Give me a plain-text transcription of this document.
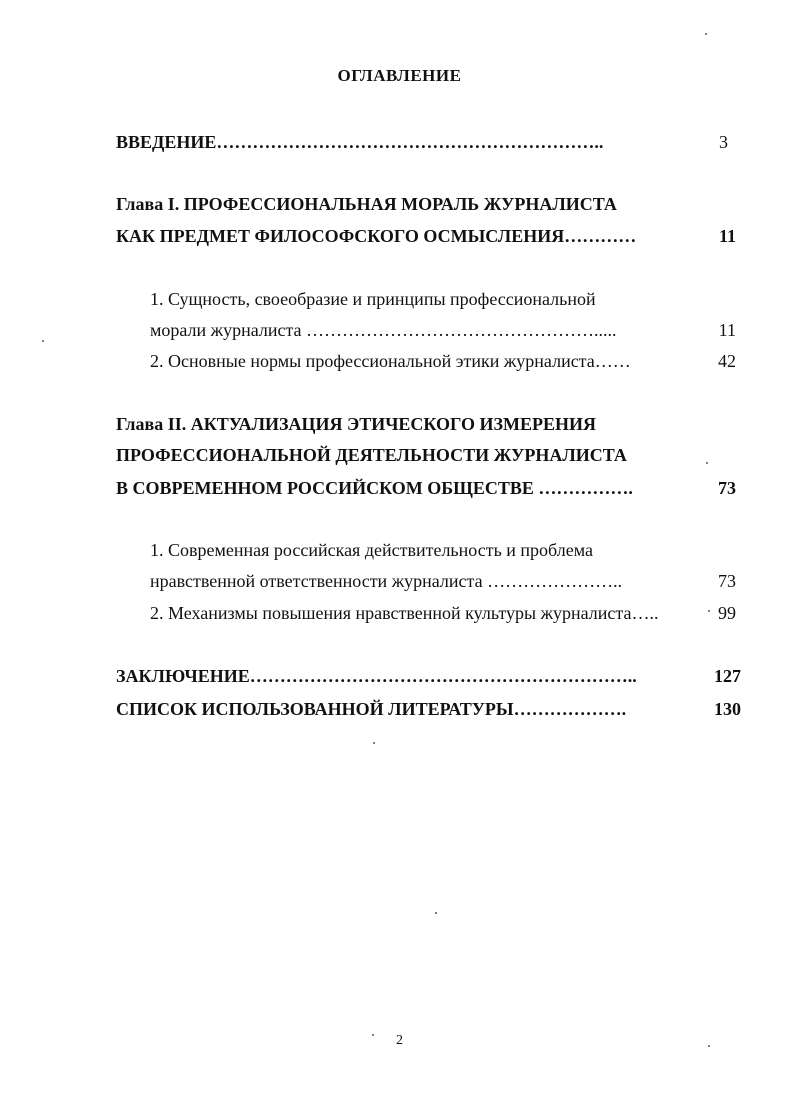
ОГЛАВЛЕНИЕ
ВВЕДЕНИЕ………………………………………………………..	3
Глава I. ПРОФЕССИОНАЛЬНАЯ МОРАЛЬ ЖУРНАЛИСТА
КАК ПРЕДМЕТ ФИЛОСОФСКОГО ОСМЫСЛЕНИЯ…………	11
1. Сущность, своеобразие и принципы профессиональной
морали журналиста ………………………………………….....	11
2. Основные нормы профессиональной этики журналиста……	42
Глава II. АКТУАЛИЗАЦИЯ ЭТИЧЕСКОГО ИЗМЕРЕНИЯ
ПРОФЕССИОНАЛЬНОЙ ДЕЯТЕЛЬНОСТИ ЖУРНАЛИСТА
В СОВРЕМЕННОМ РОССИЙСКОМ ОБЩЕСТВЕ …………….	73
1. Современная российская действительность и проблема
нравственной ответственности журналиста …………………..	73
2. Механизмы повышения нравственной культуры журналиста…..	99
ЗАКЛЮЧЕНИЕ………………………………………………………..	127
СПИСОК ИСПОЛЬЗОВАННОЙ ЛИТЕРАТУРЫ……………….	130
2
